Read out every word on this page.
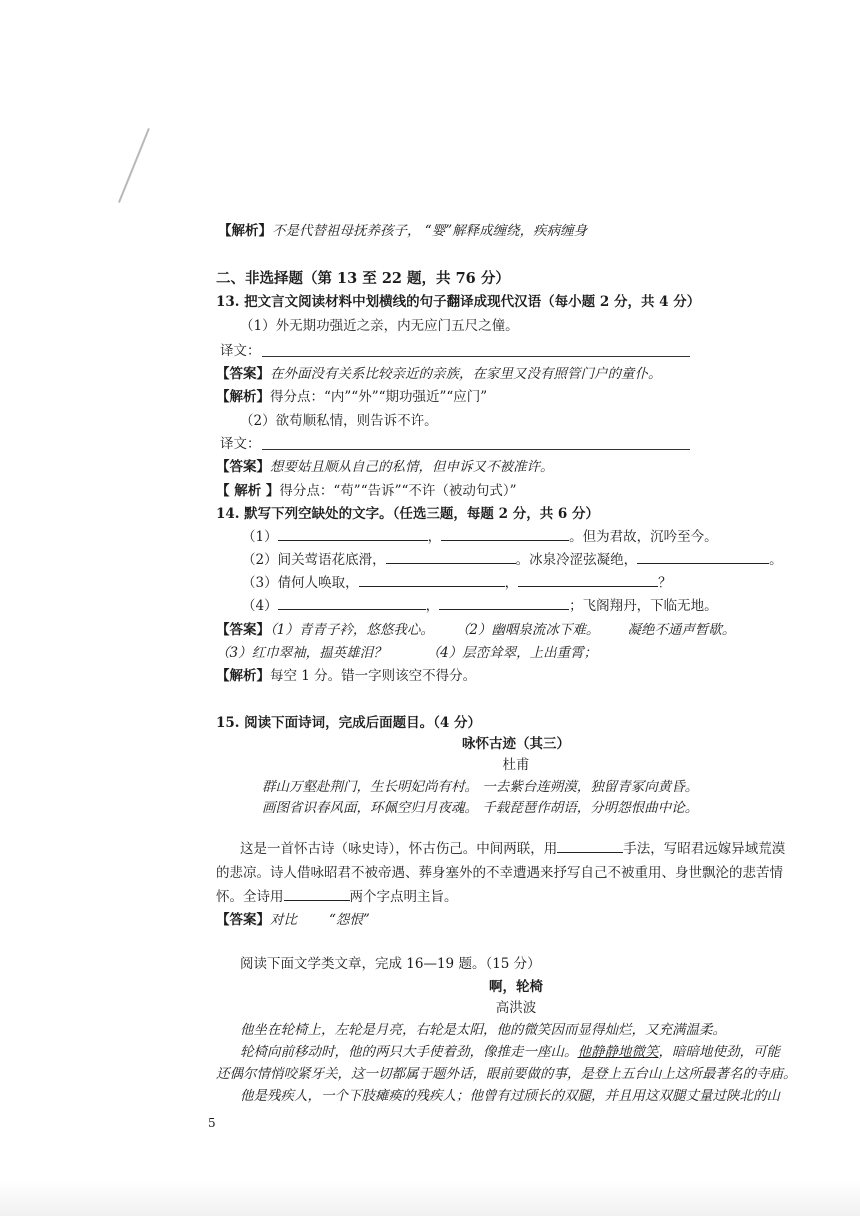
【解析】不是代替祖母抚养孩子， “婴”解释成缠绕，疾病缠身
二、非选择题（第 13 至 22 题，共 76 分）
13. 把文言文阅读材料中划横线的句子翻译成现代汉语（每小题 2 分，共 4 分）
（1）外无期功强近之亲，内无应门五尺之僮。
译文：
【答案】在外面没有关系比较亲近的亲族，在家里又没有照管门户的童仆。
【解析】得分点：“内”“外”“期功强近”“应门”
（2）欲苟顺私情，则告诉不许。
译文：
【答案】想要姑且顺从自己的私情，但申诉又不被准许。
【 解析 】得分点：“苟”“告诉”“不许（被动句式）”
14. 默写下列空缺处的文字。（任选三题，每题 2 分，共 6 分）
（1）	，	。但为君故，沉吟至今。
（2）间关莺语花底滑，	。冰泉冷涩弦凝绝，	。
（3）倩何人唤取，	，	？
（4）	，	；飞阁翔丹，下临无地。
【答案】（1）青青子衿，悠悠我心。 （2）幽咽泉流冰下难。 凝绝不通声暂歇。
（3）红巾翠袖，揾英雄泪？	（4）层峦耸翠，上出重霄；
【解析】每空 1 分。错一字则该空不得分。
15. 阅读下面诗词，完成后面题目。（4 分）
咏怀古迹（其三）
杜甫
群山万壑赴荆门，生长明妃尚有村。 一去紫台连朔漠，独留青冢向黄昏。
画图省识春风面，环佩空归月夜魂。 千载琵琶作胡语，分明怨恨曲中论。
这是一首怀古诗（咏史诗），怀古伤己。中间两联，用	手法，写昭君远嫁异域荒漠
的悲凉。诗人借咏昭君不被帝遇、葬身塞外的不幸遭遇来抒写自己不被重用、身世飘沦的悲苦情
怀。全诗用	两个字点明主旨。
【答案】对比 “怨恨”
阅读下面文学类文章，完成 16—19 题。（15 分）
啊，轮椅
高洪波
他坐在轮椅上，左轮是月亮，右轮是太阳，他的微笑因而显得灿烂，又充满温柔。
轮椅向前移动时，他的两只大手使着劲，像推走一座山。他静静地微笑，暗暗地使劲，可能
还偶尔情悄咬紧牙关，这一切都属于题外话，眼前要做的事，是登上五台山上这所最著名的寺庙。
他是残疾人，一个下肢瘫痪的残疾人；他曾有过颀长的双腿，并且用这双腿丈量过陕北的山
5
